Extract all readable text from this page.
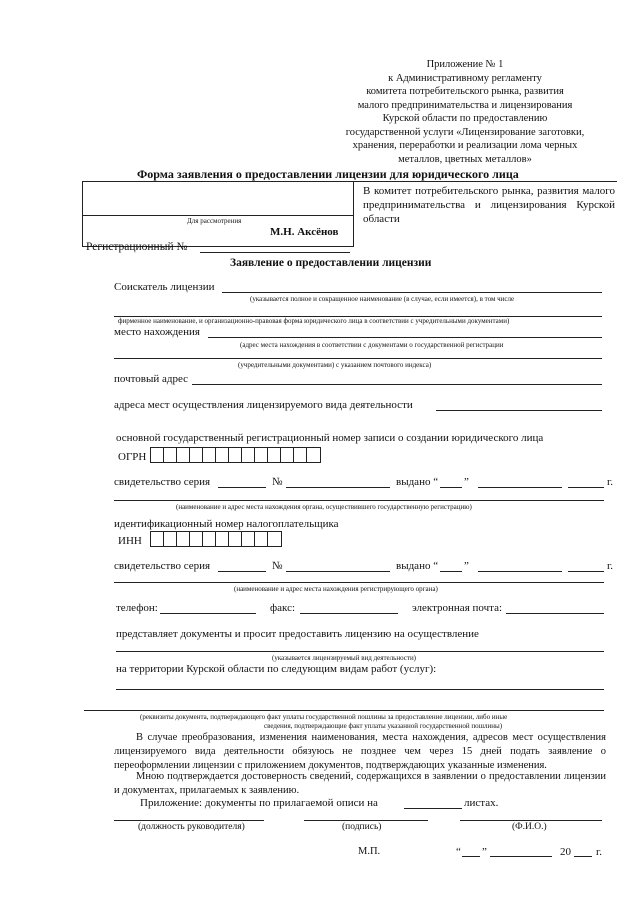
Приложение № 1
к Административному регламенту
комитета потребительского рынка, развития
малого предпринимательства и лицензирования
Курской области по предоставлению
государственной услуги «Лицензирование заготовки,
хранения, переработки и реализации лома черных
металлов, цветных металлов»
Форма заявления о предоставлении лицензии для юридического лица
Для рассмотрения
М.Н. Аксёнов
В комитет потребительского рынка, развития малого предпринимательства и лицензирования Курской области
Регистрационный №
Заявление о предоставлении лицензии
Соискатель лицензии
(указывается полное и сокращенное наименование (в случае, если имеется), в том числе
фирменное наименование, и организационно-правовая форма юридического лица в соответствии с учредительными документами)
место нахождения
(адрес места нахождения в соответствии с документами о государственной регистрации
(учредительными документами) с указанием почтового индекса)
почтовый адрес
адреса мест осуществления лицензируемого вида деятельности
основной государственный регистрационный номер записи о создании юридического лица
ОГРН
свидетельство серия	№	выдано “ ”	г.
(наименование и адрес места нахождения органа, осуществившего государственную регистрацию)
идентификационный номер налогоплательщика
ИНН
свидетельство серия	№	выдано “ ”	г.
(наименование и адрес места нахождения регистрирующего органа)
телефон:	факс:	электронная почта:
представляет документы и просит предоставить лицензию на осуществление
(указывается лицензируемый вид деятельности)
на территории Курской области по следующим видам работ (услуг):
(реквизиты документа, подтверждающего факт уплаты государственной пошлины за предоставление лицензии, либо иные
сведения, подтверждающие факт уплаты указанной государственной пошлины)
В случае преобразования, изменения наименования, места нахождения, адресов мест осуществления лицензируемого вида деятельности обязуюсь не позднее чем через 15 дней подать заявление о переоформлении лицензии с приложением документов, подтверждающих указанные изменения.
Мною подтверждается достоверность сведений, содержащихся в заявлении о предоставлении лицензии и документах, прилагаемых к заявлению.
Приложение: документы по прилагаемой описи на	листах.
(должность руководителя)	(подпись)	(Ф.И.О.)
М.П.	“ ”	20 г.
